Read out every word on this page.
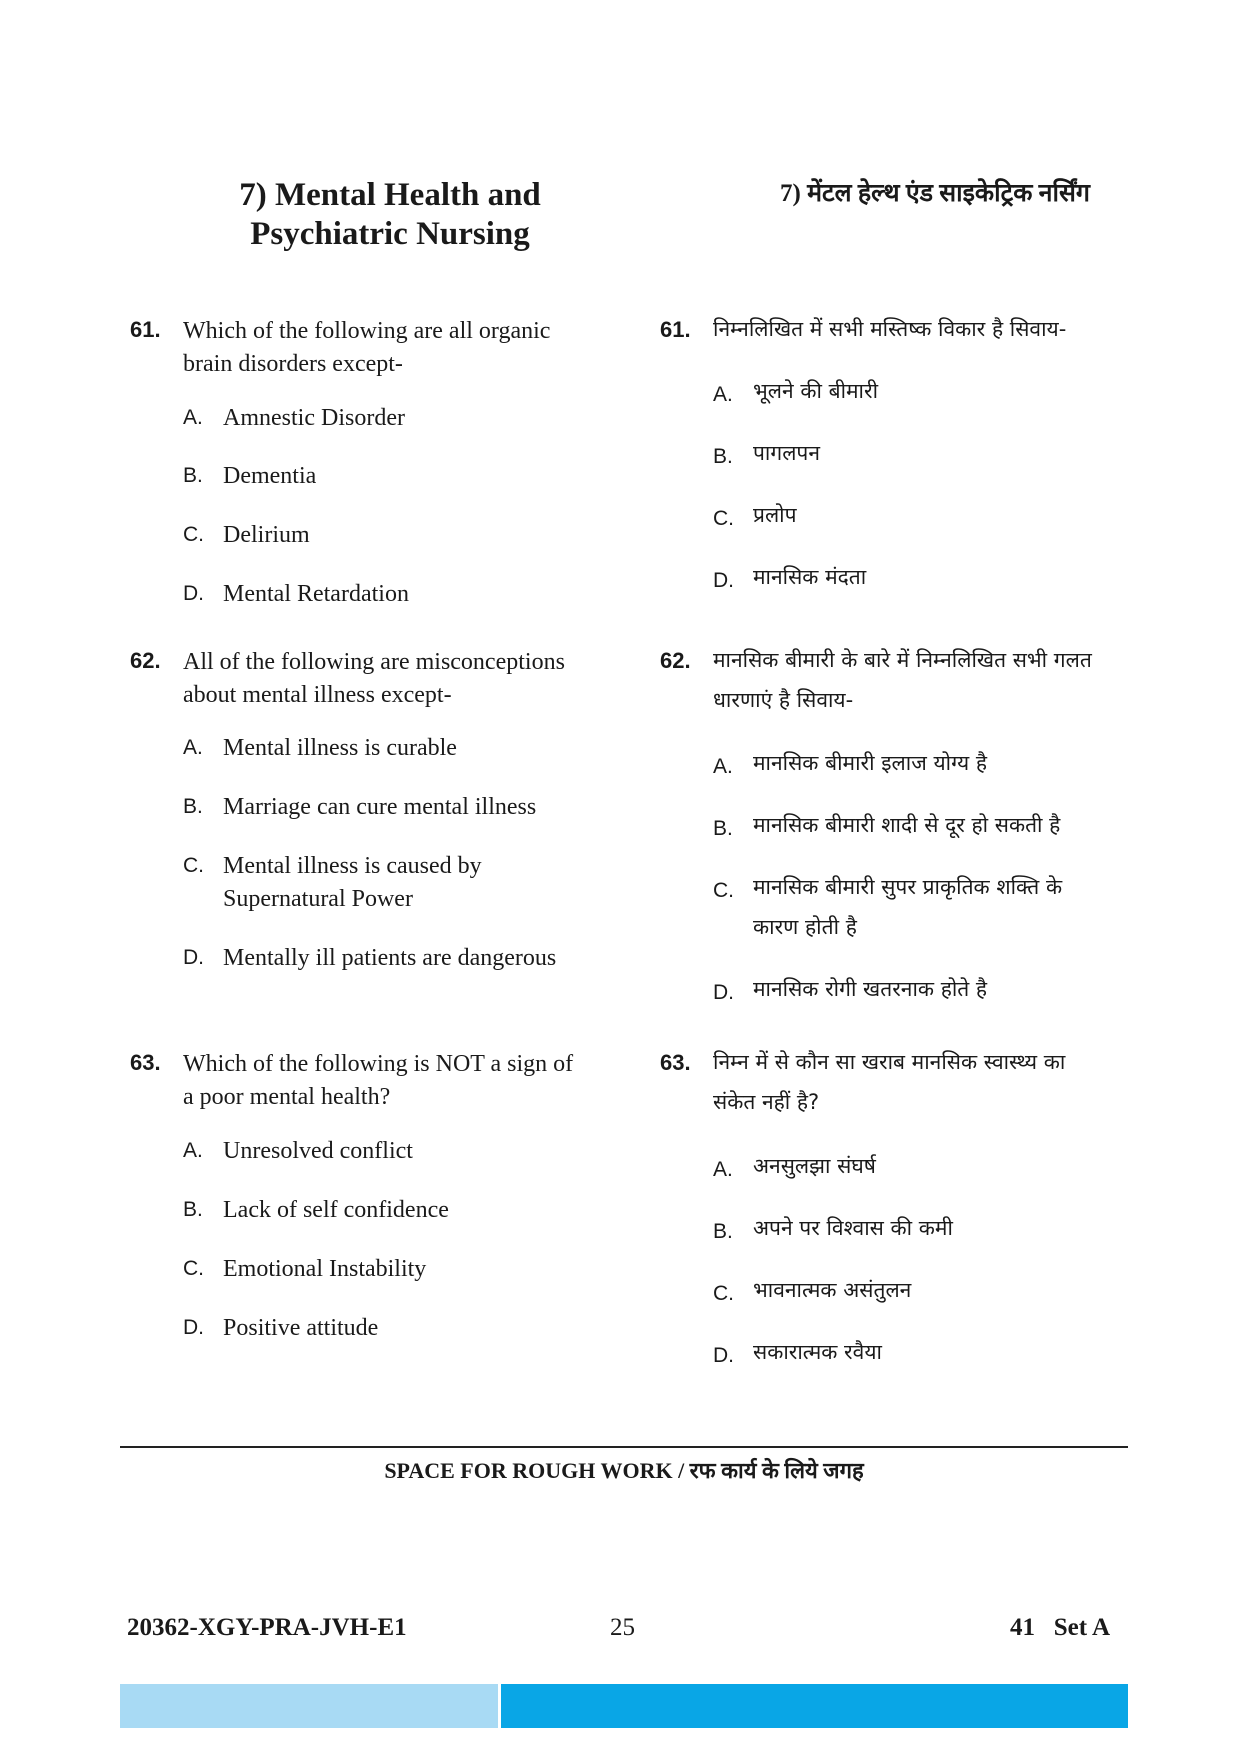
7) Mental Health and
Psychiatric Nursing
61. Which of the following are all organic
brain disorders except-
A. Amnestic Disorder
B. Dementia
C. Delirium
D. Mental Retardation
62. All of the following are misconceptions
about mental illness except-
A. Mental illness is curable
B. Marriage can cure mental illness
C. Mental illness is caused by
Supernatural Power
D. Mentally ill patients are dangerous
63. Which of the following is NOT a sign of
a poor mental health?
A. Unresolved conflict
B. Lack of self confidence
C. Emotional Instability
D. Positive attitude
7) मेंटल हेल्थ एंड साइकेट्रिक नर्सिंग
61. निम्नलिखित में सभी मस्तिष्क विकार है सिवाय-
A. भूलने की बीमारी
B. पागलपन
C. प्रलोप
D. मानसिक मंदता
62. मानसिक बीमारी के बारे में निम्नलिखित सभी गलत
धारणाएं है सिवाय-
A. मानसिक बीमारी इलाज योग्य है
B. मानसिक बीमारी शादी से दूर हो सकती है
C. मानसिक बीमारी सुपर प्राकृतिक शक्ति के
कारण होती है
D. मानसिक रोगी खतरनाक होते है
63. निम्न में से कौन सा खराब मानसिक स्वास्थ्य का
संकेत नहीं है?
A. अनसुलझा संघर्ष
B. अपने पर विश्वास की कमी
C. भावनात्मक असंतुलन
D. सकारात्मक रवैया
SPACE FOR ROUGH WORK / रफ कार्य के लिये जगह
20362-XGY-PRA-JVH-E1	25	41   Set A
